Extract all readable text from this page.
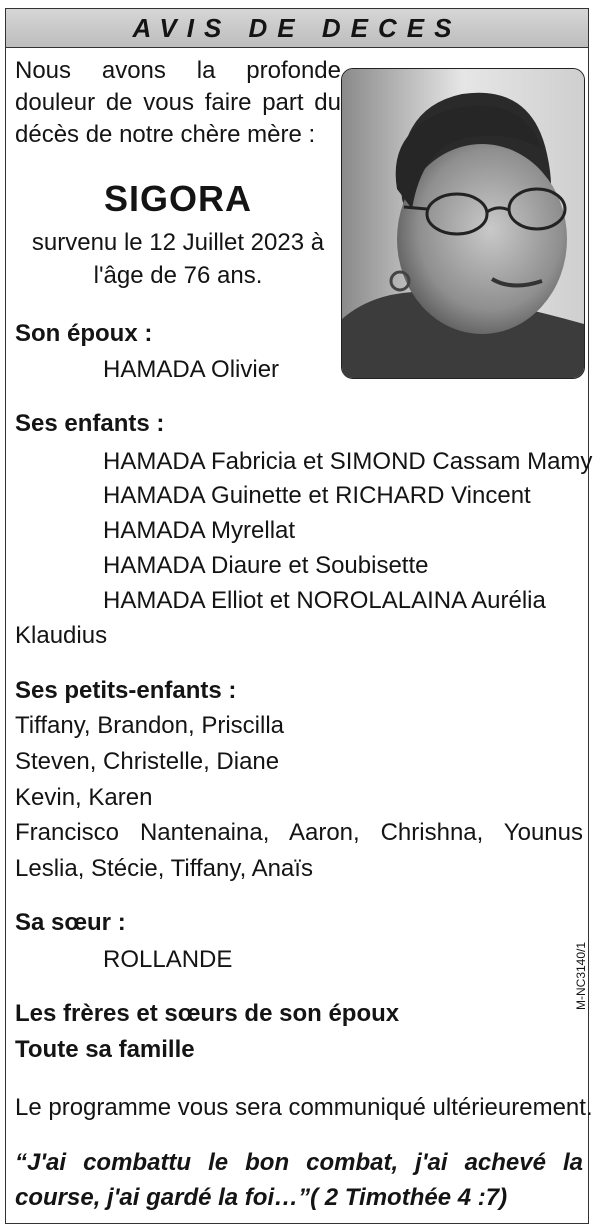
AVIS DE DECES
Nous avons la profonde
douleur de vous faire part du
décès de notre chère mère :
SIGORA
survenu le 12 Juillet 2023 à
l'âge de 76 ans.
Son époux :
HAMADA Olivier
Ses enfants :
HAMADA Fabricia et SIMOND Cassam Mamy
HAMADA Guinette et RICHARD Vincent
HAMADA Myrellat
HAMADA Diaure et Soubisette
HAMADA Elliot et NOROLALAINA Aurélia
Klaudius
Ses petits-enfants :
Tiffany, Brandon, Priscilla
Steven, Christelle, Diane
Kevin, Karen
Francisco Nantenaina, Aaron, Chrishna, Younus
Leslia, Stécie, Tiffany, Anaïs
Sa sœur :
ROLLANDE
Les frères et sœurs de son époux
Toute sa famille
Le programme vous sera communiqué ultérieurement.
“J'ai combattu le bon combat, j'ai achevé la
course, j'ai gardé la foi…”( 2 Timothée 4 :7)
M-NC3140/1
